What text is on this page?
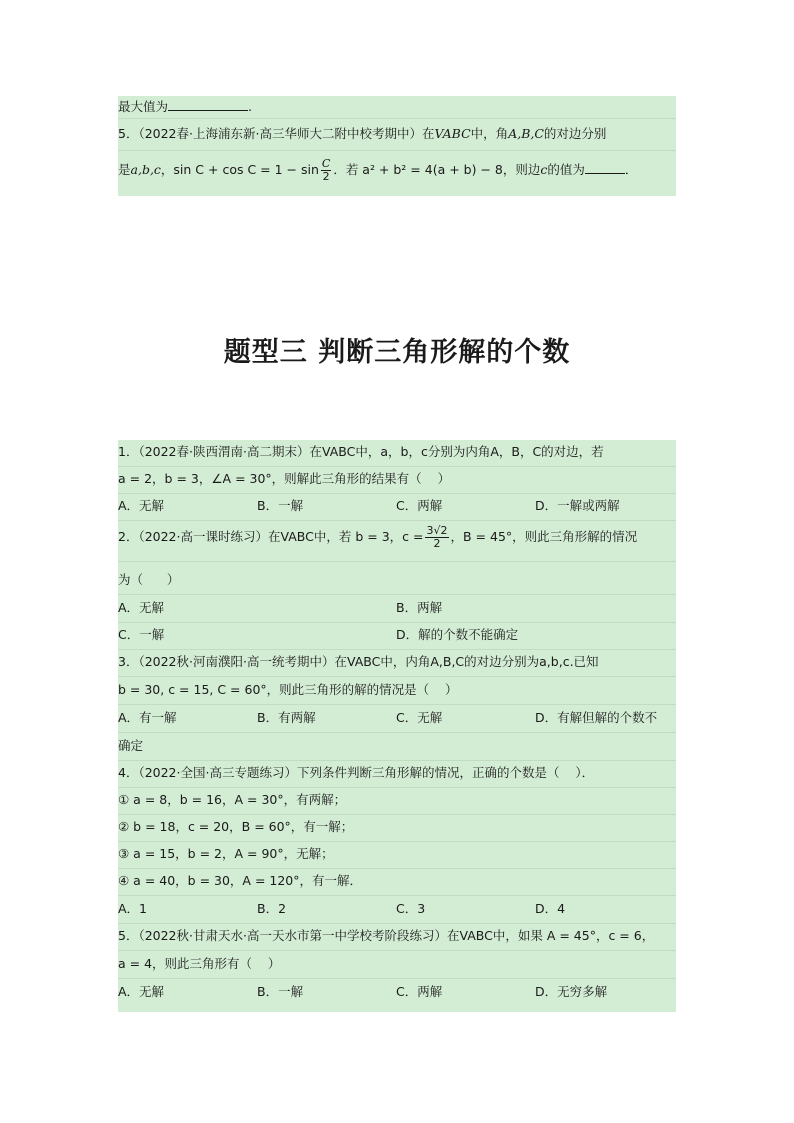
最大值为	.
5．（2022春·上海浦东新·高三华师大二附中校考期中）在VABC中，角A,B,C的对边分别
是a,b,c，$\sin C + \cos C = 1 - \sin \frac{C}{2}$ ．若 a² + b² = 4(a + b) − 8，则边c的值为	．
题型三 判断三角形解的个数
1．（2022春·陕西渭南·高二期末）在VABC中，a，b，c分别为内角A，B，C的对边，若
a = 2，b = 3，∠A = 30°，则解此三角形的结果有（    ）
A．无解	B．一解	C．两解	D．一解或两解
2．（2022·高一课时练习）在VABC中，若 b = 3，$c = \frac{3√2}{2}$ ，B = 45°，则此三角形解的情况
为（      ）
A．无解	B．两解
C．一解	D．解的个数不能确定
3．（2022秋·河南濮阳·高一统考期中）在VABC中，内角A,B,C的对边分别为a,b,c.已知
b = 30, c = 15, C = 60°，则此三角形的解的情况是（    ）
A．有一解	B．有两解	C．无解	D．有解但解的个数不
确定
4．（2022·全国·高三专题练习）下列条件判断三角形解的情况，正确的个数是（    ）．
① a = 8，b = 16，A = 30°，有两解；
② b = 18，c = 20，B = 60°，有一解；
③ a = 15，b = 2，A = 90°，无解；
④ a = 40，b = 30，A = 120°，有一解．
A．1	B．2	C．3	D．4
5．（2022秋·甘肃天水·高一天水市第一中学校考阶段练习）在VABC中，如果 A = 45°，c = 6，
a = 4，则此三角形有（    ）
A．无解	B．一解	C．两解	D．无穷多解
